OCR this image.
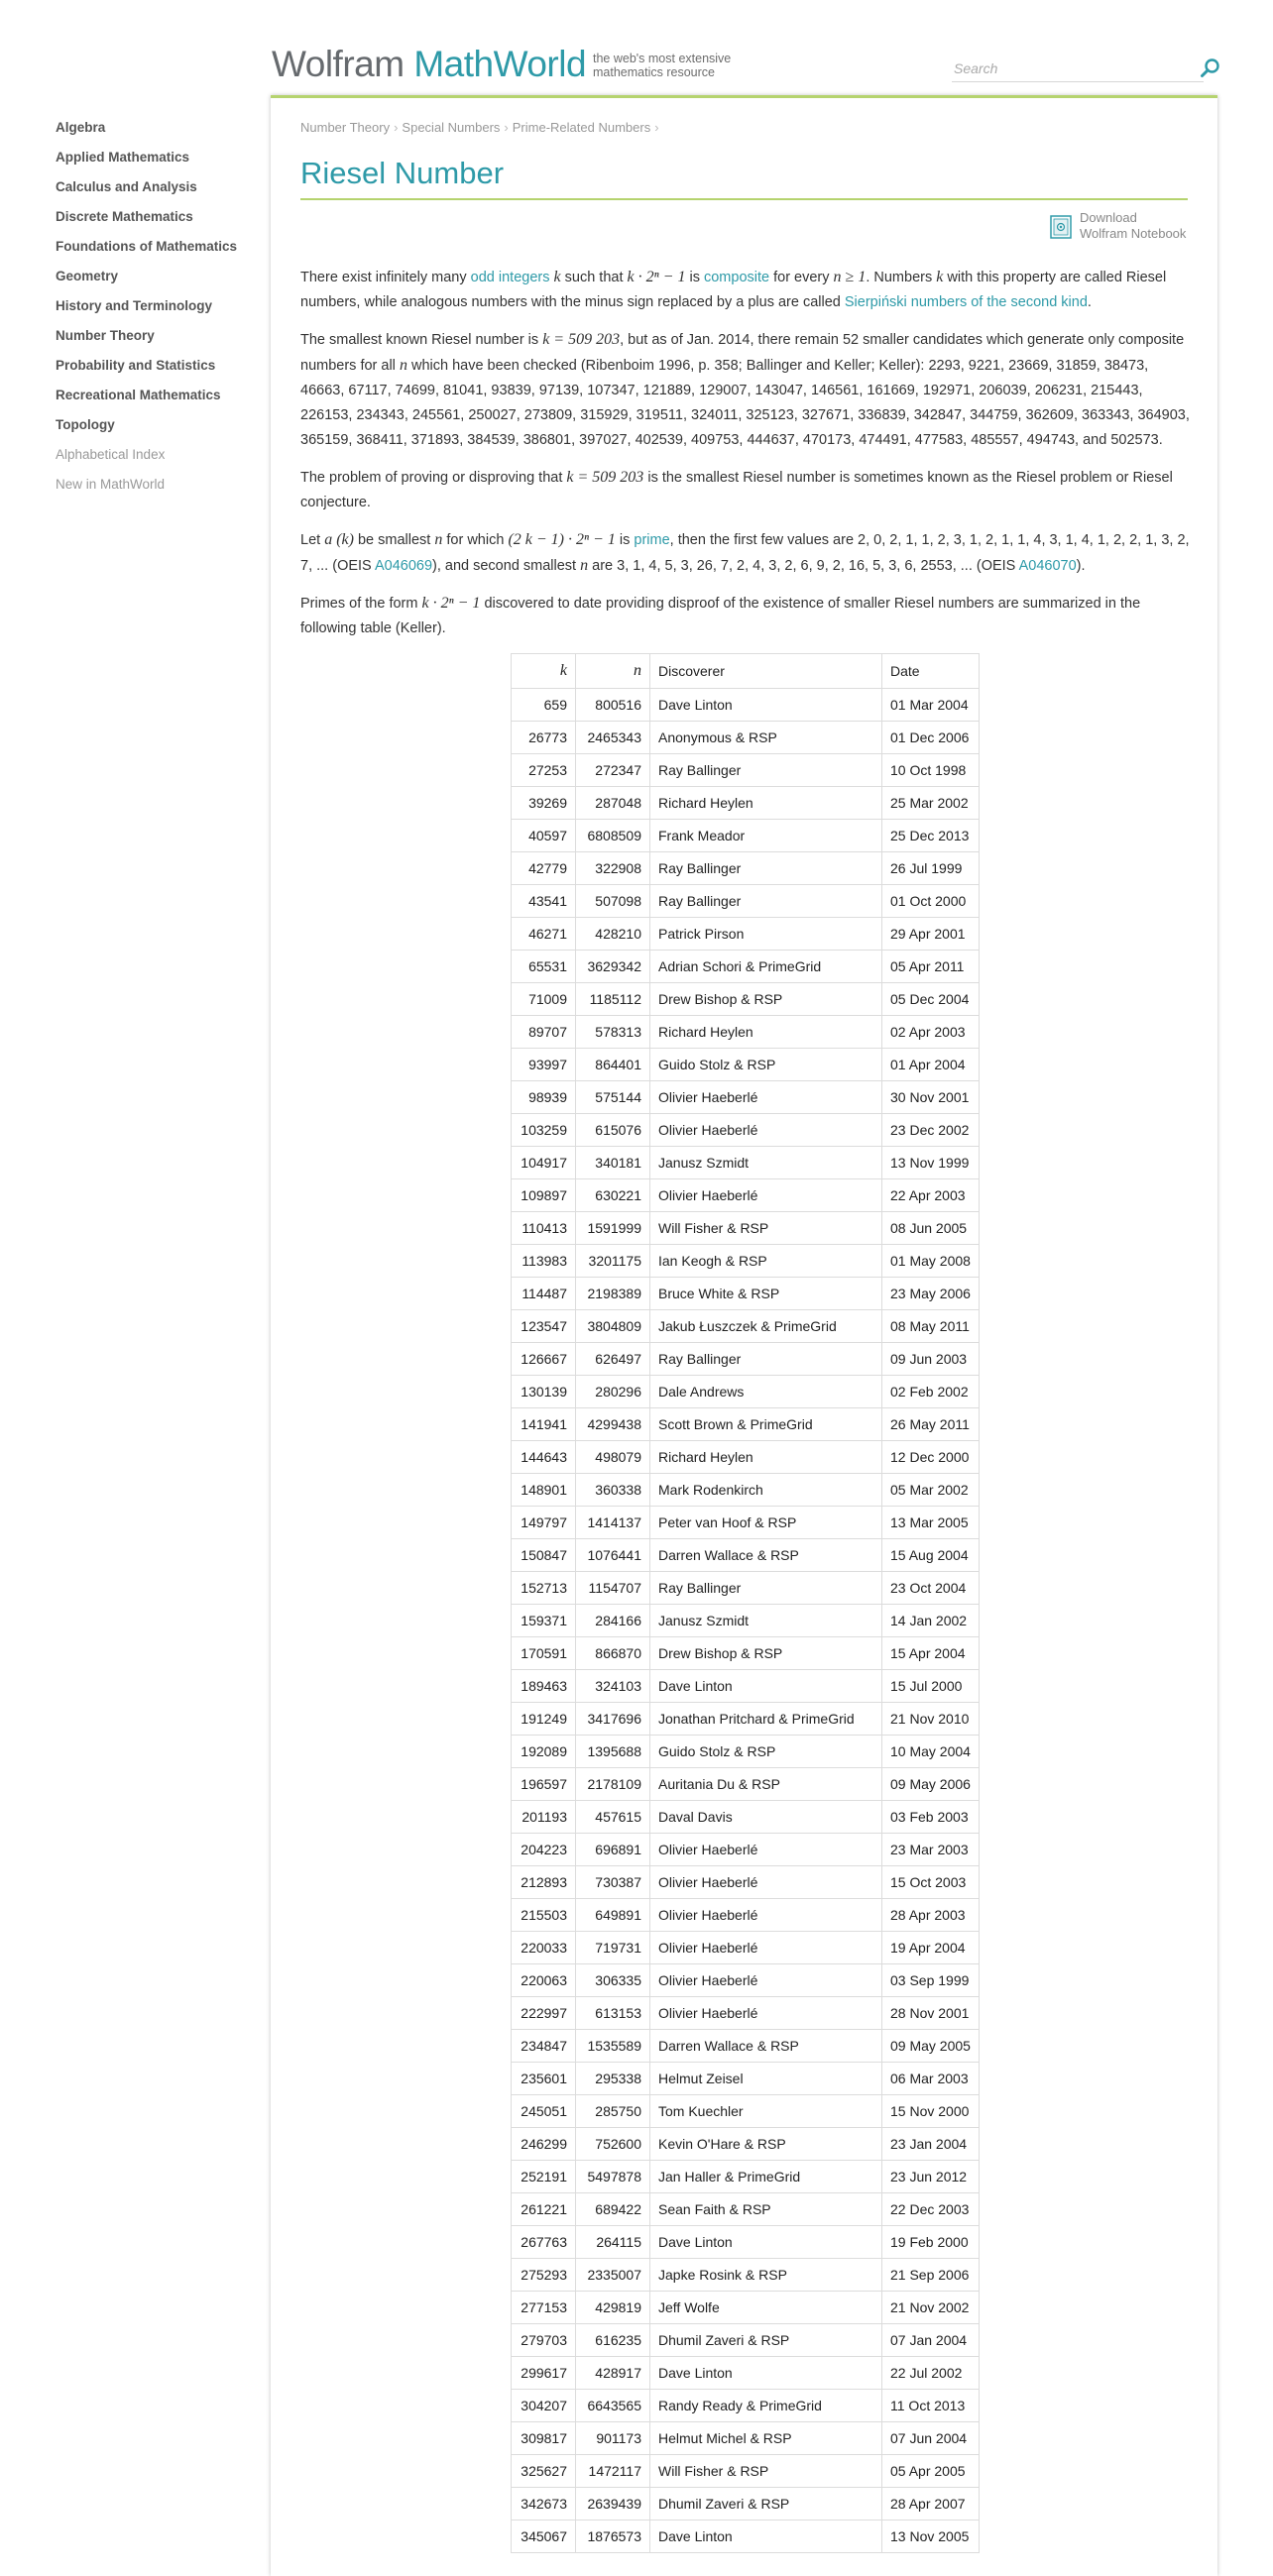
Wolfram MathWorld the web's most extensive
mathematics resource
Search
Algebra
Applied Mathematics
Calculus and Analysis
Discrete Mathematics
Foundations of Mathematics
Geometry
History and Terminology
Number Theory
Probability and Statistics
Recreational Mathematics
Topology
Alphabetical Index
New in MathWorld
Number Theory › Special Numbers › Prime-Related Numbers ›
Riesel Number
Download
Wolfram Notebook

There exist infinitely many odd integers k such that k · 2ⁿ − 1 is composite for every n ≥ 1. Numbers k with this property are called Riesel numbers, while analogous numbers with the minus sign replaced by a plus are called Sierpiński numbers of the second kind.

The smallest known Riesel number is k = 509 203, but as of Jan. 2014, there remain 52 smaller candidates which generate only composite numbers for all n which have been checked (Ribenboim 1996, p. 358; Ballinger and Keller; Keller): 2293, 9221, 23669, 31859, 38473, 46663, 67117, 74699, 81041, 93839, 97139, 107347, 121889, 129007, 143047, 146561, 161669, 192971, 206039, 206231, 215443, 226153, 234343, 245561, 250027, 273809, 315929, 319511, 324011, 325123, 327671, 336839, 342847, 344759, 362609, 363343, 364903, 365159, 368411, 371893, 384539, 386801, 397027, 402539, 409753, 444637, 470173, 474491, 477583, 485557, 494743, and 502573.

The problem of proving or disproving that k = 509 203 is the smallest Riesel number is sometimes known as the Riesel problem or Riesel conjecture.

Let a (k) be smallest n for which (2 k − 1) · 2ⁿ − 1 is prime, then the first few values are 2, 0, 2, 1, 1, 2, 3, 1, 2, 1, 1, 4, 3, 1, 4, 1, 2, 2, 1, 3, 2, 7, ... (OEIS A046069), and second smallest n are 3, 1, 4, 5, 3, 26, 7, 2, 4, 3, 2, 6, 9, 2, 16, 5, 3, 6, 2553, ... (OEIS A046070).

Primes of the form k · 2ⁿ − 1 discovered to date providing disproof of the existence of smaller Riesel numbers are summarized in the following table (Keller).

k	n	Discoverer	Date
659	800516	Dave Linton	01 Mar 2004
26773	2465343	Anonymous & RSP	01 Dec 2006
27253	272347	Ray Ballinger	10 Oct 1998
39269	287048	Richard Heylen	25 Mar 2002
40597	6808509	Frank Meador	25 Dec 2013
42779	322908	Ray Ballinger	26 Jul 1999
43541	507098	Ray Ballinger	01 Oct 2000
46271	428210	Patrick Pirson	29 Apr 2001
65531	3629342	Adrian Schori & PrimeGrid	05 Apr 2011
71009	1185112	Drew Bishop & RSP	05 Dec 2004
89707	578313	Richard Heylen	02 Apr 2003
93997	864401	Guido Stolz & RSP	01 Apr 2004
98939	575144	Olivier Haeberlé	30 Nov 2001
103259	615076	Olivier Haeberlé	23 Dec 2002
104917	340181	Janusz Szmidt	13 Nov 1999
109897	630221	Olivier Haeberlé	22 Apr 2003
110413	1591999	Will Fisher & RSP	08 Jun 2005
113983	3201175	Ian Keogh & RSP	01 May 2008
114487	2198389	Bruce White & RSP	23 May 2006
123547	3804809	Jakub Łuszczek & PrimeGrid	08 May 2011
126667	626497	Ray Ballinger	09 Jun 2003
130139	280296	Dale Andrews	02 Feb 2002
141941	4299438	Scott Brown & PrimeGrid	26 May 2011
144643	498079	Richard Heylen	12 Dec 2000
148901	360338	Mark Rodenkirch	05 Mar 2002
149797	1414137	Peter van Hoof & RSP	13 Mar 2005
150847	1076441	Darren Wallace & RSP	15 Aug 2004
152713	1154707	Ray Ballinger	23 Oct 2004
159371	284166	Janusz Szmidt	14 Jan 2002
170591	866870	Drew Bishop & RSP	15 Apr 2004
189463	324103	Dave Linton	15 Jul 2000
191249	3417696	Jonathan Pritchard & PrimeGrid	21 Nov 2010
192089	1395688	Guido Stolz & RSP	10 May 2004
196597	2178109	Auritania Du & RSP	09 May 2006
201193	457615	Daval Davis	03 Feb 2003
204223	696891	Olivier Haeberlé	23 Mar 2003
212893	730387	Olivier Haeberlé	15 Oct 2003
215503	649891	Olivier Haeberlé	28 Apr 2003
220033	719731	Olivier Haeberlé	19 Apr 2004
220063	306335	Olivier Haeberlé	03 Sep 1999
222997	613153	Olivier Haeberlé	28 Nov 2001
234847	1535589	Darren Wallace & RSP	09 May 2005
235601	295338	Helmut Zeisel	06 Mar 2003
245051	285750	Tom Kuechler	15 Nov 2000
246299	752600	Kevin O'Hare & RSP	23 Jan 2004
252191	5497878	Jan Haller & PrimeGrid	23 Jun 2012
261221	689422	Sean Faith & RSP	22 Dec 2003
267763	264115	Dave Linton	19 Feb 2000
275293	2335007	Japke Rosink & RSP	21 Sep 2006
277153	429819	Jeff Wolfe	21 Nov 2002
279703	616235	Dhumil Zaveri & RSP	07 Jan 2004
299617	428917	Dave Linton	22 Jul 2002
304207	6643565	Randy Ready & PrimeGrid	11 Oct 2013
309817	901173	Helmut Michel & RSP	07 Jun 2004
325627	1472117	Will Fisher & RSP	05 Apr 2005
342673	2639439	Dhumil Zaveri & RSP	28 Apr 2007
345067	1876573	Dave Linton	13 Nov 2005
